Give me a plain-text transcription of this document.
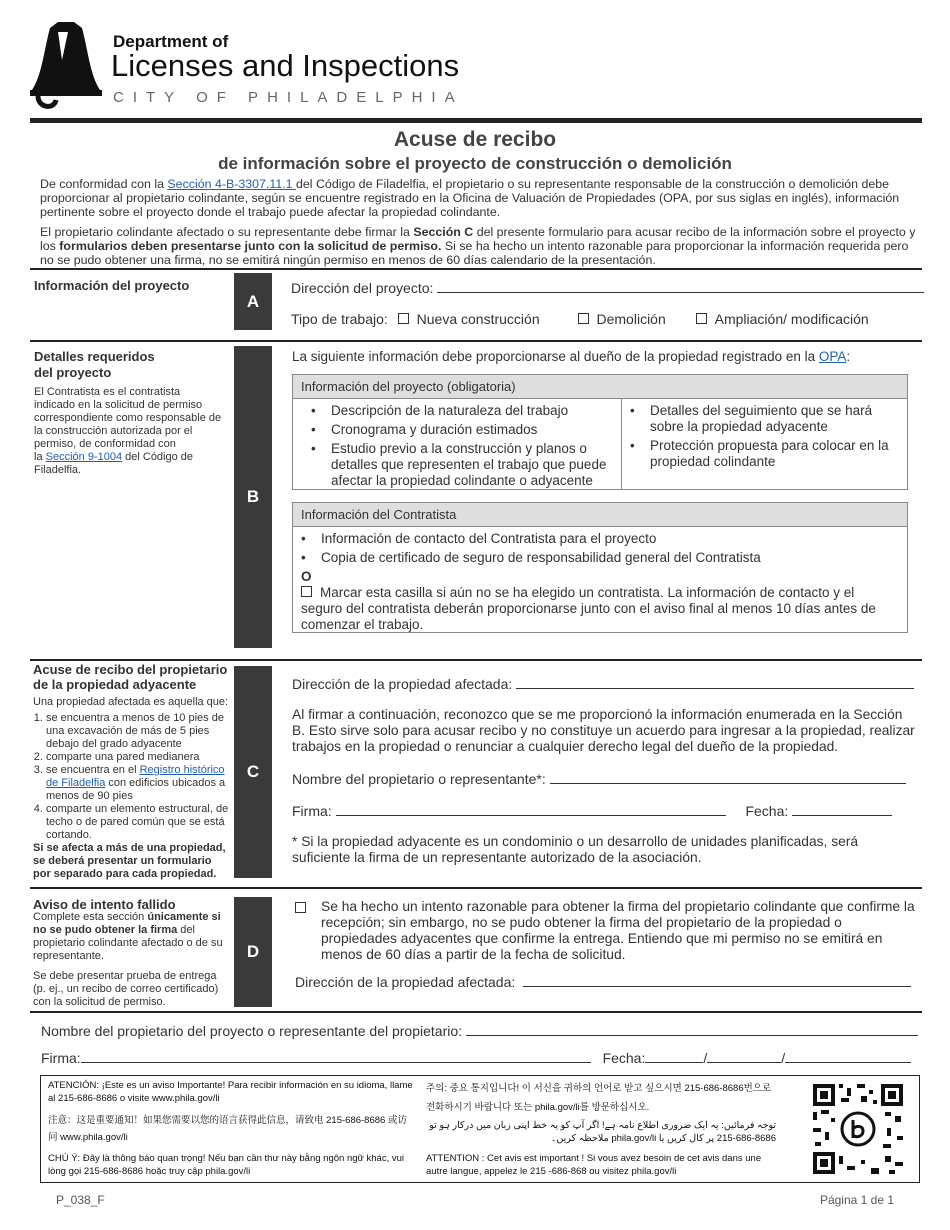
Department of
Licenses and Inspections
CITY OF PHILADELPHIA
Acuse de recibo
de información sobre el proyecto de construcción o demolición
De conformidad con la Sección 4-B-3307.11.1 del Código de Filadelfia, el propietario o su representante responsable de la construcción o demolición debe proporcionar al propietario colindante, según se encuentre registrado en la Oficina de Valuación de Propiedades (OPA, por sus siglas en inglés), información pertinente sobre el proyecto donde el trabajo puede afectar la propiedad colindante.
El propietario colindante afectado o su representante debe firmar la Sección C del presente formulario para acusar recibo de la información sobre el proyecto y los formularios deben presentarse junto con la solicitud de permiso. Si se ha hecho un intento razonable para proporcionar la información requerida pero no se pudo obtener una firma, no se emitirá ningún permiso en menos de 60 días calendario de la presentación.
Información del proyecto
A
Dirección del proyecto:
Tipo de trabajo: Nueva construcción	Demolición	Ampliación/ modificación
Detalles requeridos
del proyecto
El Contratista es el contratista indicado en la solicitud de permiso correspondiente como responsable de la construcción autorizada por el permiso, de conformidad con
la Sección 9-1004 del Código de Filadelfia.
B
La siguiente información debe proporcionarse al dueño de la propiedad registrado en la OPA:
Información del proyecto (obligatoria)
• Descripción de la naturaleza del trabajo
• Cronograma y duración estimados
• Estudio previo a la construcción y planos o detalles que representen el trabajo que puede afectar la propiedad colindante o adyacente
• Detalles del seguimiento que se hará sobre la propiedad adyacente
• Protección propuesta para colocar en la propiedad colindante
Información del Contratista
• Información de contacto del Contratista para el proyecto
• Copia de certificado de seguro de responsabilidad general del Contratista
O
Marcar esta casilla si aún no se ha elegido un contratista. La información de contacto y el seguro del contratista deberán proporcionarse junto con el aviso final al menos 10 días antes de comenzar el trabajo.
Acuse de recibo del propietario
de la propiedad adyacente
Una propiedad afectada es aquella que:
1. se encuentra a menos de 10 pies de una excavación de más de 5 pies debajo del grado adyacente
2. comparte una pared medianera
3. se encuentra en el Registro histórico de Filadelfia con edificios ubicados a menos de 90 pies
4. comparte un elemento estructural, de techo o de pared común que se está cortando.
Si se afecta a más de una propiedad, se deberá presentar un formulario por separado para cada propiedad.
C
Dirección de la propiedad afectada:
Al firmar a continuación, reconozco que se me proporcionó la información enumerada en la Sección B. Esto sirve solo para acusar recibo y no constituye un acuerdo para ingresar a la propiedad, realizar trabajos en la propiedad o renunciar a cualquier derecho legal del dueño de la propiedad.
Nombre del propietario o representante*:
Firma:	Fecha:
* Si la propiedad adyacente es un condominio o un desarrollo de unidades planificadas, será suficiente la firma de un representante autorizado de la asociación.
Aviso de intento fallido
Complete esta sección únicamente si no se pudo obtener la firma del propietario colindante afectado o de su representante.
Se debe presentar prueba de entrega (p. ej., un recibo de correo certificado) con la solicitud de permiso.
D
Se ha hecho un intento razonable para obtener la firma del propietario colindante que confirme la recepción; sin embargo, no se pudo obtener la firma del propietario de la propiedad o propiedades adyacentes que confirme la entrega. Entiendo que mi permiso no se emitirá en menos de 60 días a partir de la fecha de solicitud.
Dirección de la propiedad afectada:
Nombre del propietario del proyecto o representante del propietario:
Firma:	Fecha:	/	/
ATENCIÓN: ¡Este es un aviso Importante! Para recibir información en su idioma, llame al 215-686-8686 o visite www.phila.gov/li
注意：这是重要通知！如果您需要以您的语言获得此信息，请致电 215-686-8686 或访问 www.phila.gov/li
CHÚ Ý: Đây là thông báo quan trọng! Nếu bạn cần thư này bằng ngôn ngữ khác, vui lòng gọi 215-686-8686 hoặc truy cập phila.gov/li
주의: 중요 통지입니다! 이 서신을 귀하의 언어로 받고 싶으시면 215-686-8686번으로 전화하시기 바랍니다 또는 phila.gov/li를 방문하십시오.
توجہ فرمائیں: یہ ایک ضروری اطلاع نامہ ہے! اگر آپ کو یہ خط اپنی زبان میں درکار ہو تو 8686-686-215 پر کال کریں یا phila.gov/li ملاحظہ کریں۔
ATTENTION : Cet avis est important ! Si vous avez besoin de cet avis dans une autre langue, appelez le 215 -686-868 ou visitez phila.gov/li
P_038_F	Página 1 de 1
